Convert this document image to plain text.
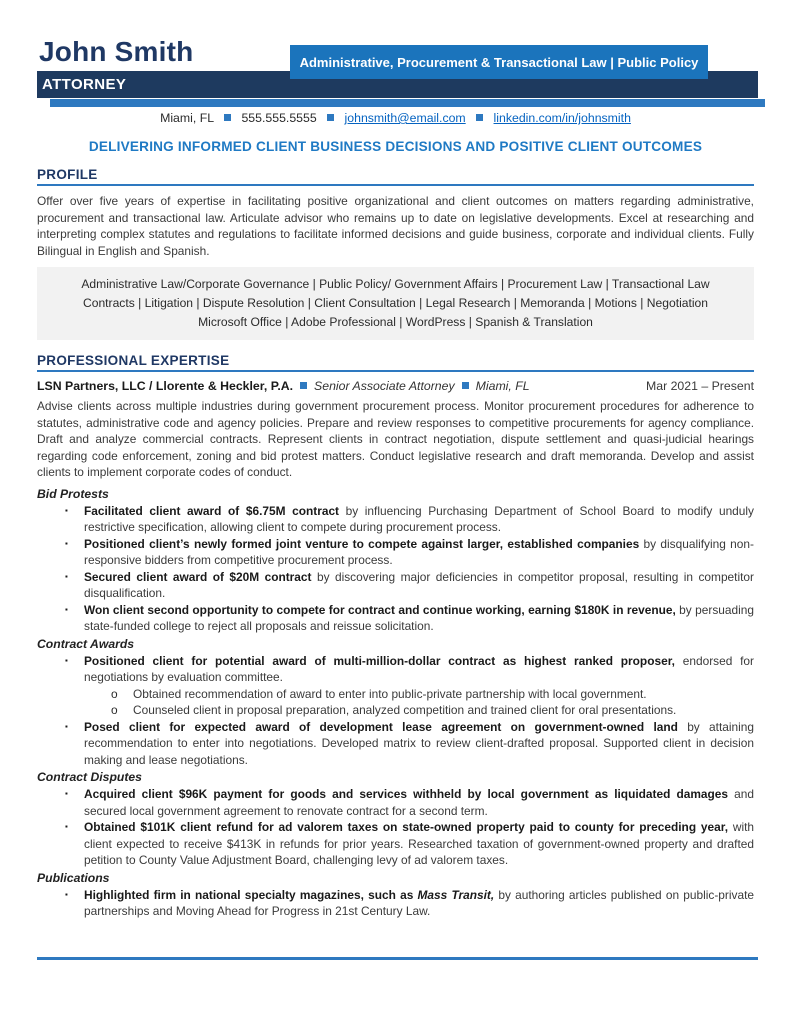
John Smith	Administrative, Procurement & Transactional Law | Public Policy
ATTORNEY
Miami, FL 555.555.5555 johnsmith@email.com linkedin.com/in/johnsmith
DELIVERING INFORMED CLIENT BUSINESS DECISIONS AND POSITIVE CLIENT OUTCOMES
PROFILE

Offer over five years of expertise in facilitating positive organizational and client outcomes on matters regarding administrative, procurement and transactional law. Articulate advisor who remains up to date on legislative developments. Excel at researching and interpreting complex statutes and regulations to facilitate informed decisions and guide business, corporate and individual clients. Fully Bilingual in English and Spanish.

Administrative Law/Corporate Governance | Public Policy/ Government Affairs | Procurement Law | Transactional Law
Contracts | Litigation | Dispute Resolution | Client Consultation | Legal Research | Memoranda | Motions | Negotiation
Microsoft Office | Adobe Professional | WordPress | Spanish & Translation
PROFESSIONAL EXPERTISE
LSN Partners, LLC / Llorente & Heckler, P.A. Senior Associate Attorney Miami, FL	Mar 2021 – Present

Advise clients across multiple industries during government procurement process. Monitor procurement procedures for adherence to statutes, administrative code and agency policies. Prepare and review responses to competitive procurements for agency compliance. Draft and analyze commercial contracts. Represent clients in contract negotiation, dispute settlement and quasi-judicial hearings regarding code enforcement, zoning and bid protest matters. Conduct legislative research and draft memoranda. Develop and assist clients to implement corporate codes of conduct.

Bid Protests
▪	Facilitated client award of $6.75M contract by influencing Purchasing Department of School Board to modify unduly restrictive specification, allowing client to compete during procurement process.
▪	Positioned client’s newly formed joint venture to compete against larger, established companies by disqualifying non-responsive bidders from competitive procurement process.
▪	Secured client award of $20M contract by discovering major deficiencies in competitor proposal, resulting in competitor disqualification.
▪	Won client second opportunity to compete for contract and continue working, earning $180K in revenue, by persuading state-funded college to reject all proposals and reissue solicitation.
Contract Awards
▪	Positioned client for potential award of multi-million-dollar contract as highest ranked proposer, endorsed for negotiations by evaluation committee.
o	Obtained recommendation of award to enter into public-private partnership with local government.
o	Counseled client in proposal preparation, analyzed competition and trained client for oral presentations.
▪	Posed client for expected award of development lease agreement on government-owned land by attaining recommendation to enter into negotiations. Developed matrix to review client-drafted proposal. Supported client in decision making and lease negotiations.
Contract Disputes
▪	Acquired client $96K payment for goods and services withheld by local government as liquidated damages and secured local government agreement to renovate contract for a second term.
▪	Obtained $101K client refund for ad valorem taxes on state-owned property paid to county for preceding year, with client expected to receive $413K in refunds for prior years. Researched taxation of government-owned property and drafted petition to County Value Adjustment Board, challenging levy of ad valorem taxes.
Publications
▪	Highlighted firm in national specialty magazines, such as Mass Transit, by authoring articles published on public-private partnerships and Moving Ahead for Progress in 21st Century Law.
